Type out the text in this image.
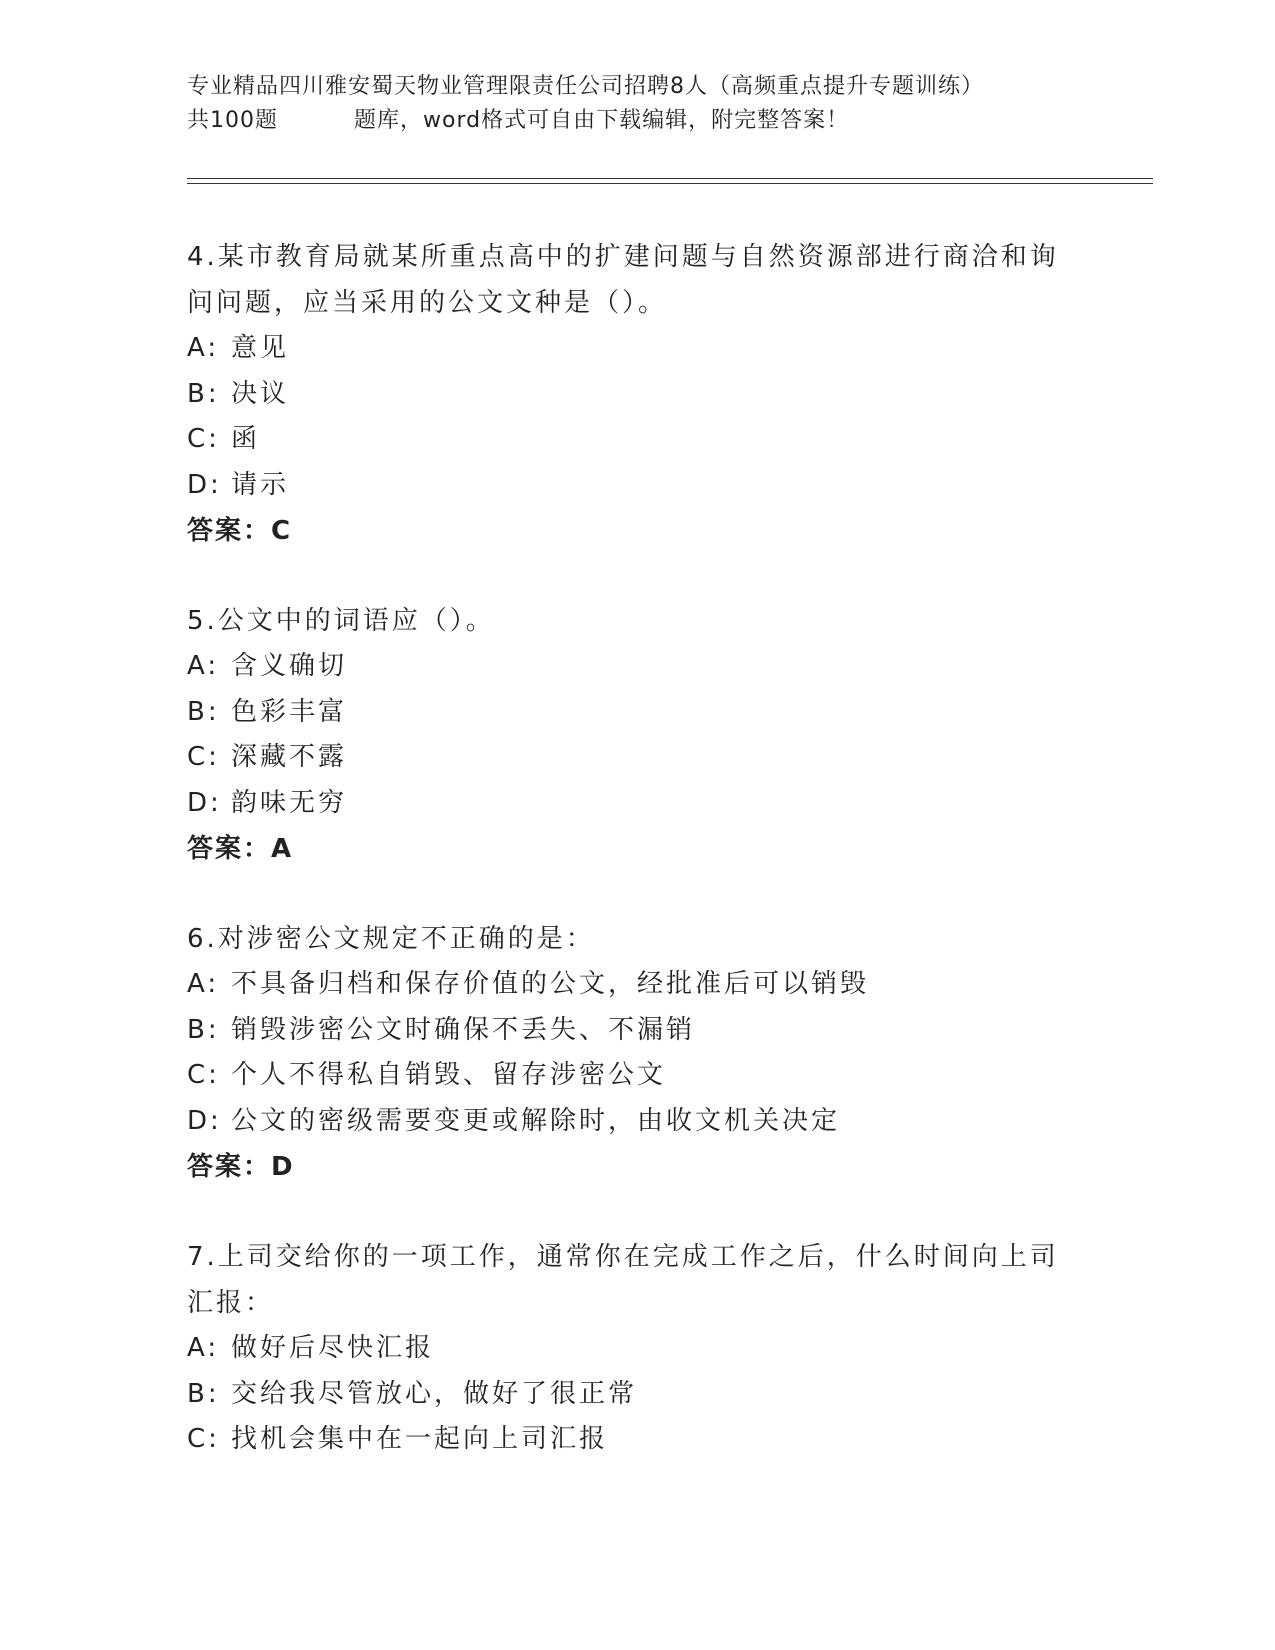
专业精品四川雅安蜀天物业管理限责任公司招聘8人（高频重点提升专题训练）
共100题	题库，word格式可自由下载编辑，附完整答案！

4.某市教育局就某所重点高中的扩建问题与自然资源部进行商洽和询问问题，应当采用的公文文种是（）。

A: 意见
B: 决议
C: 函
D: 请示
答案：C

5.公文中的词语应（）。

A: 含义确切
B: 色彩丰富
C: 深藏不露
D: 韵味无穷
答案：A

6.对涉密公文规定不正确的是：

A: 不具备归档和保存价值的公文，经批准后可以销毁
B: 销毁涉密公文时确保不丢失、不漏销
C: 个人不得私自销毁、留存涉密公文
D: 公文的密级需要变更或解除时，由收文机关决定
答案：D

7.上司交给你的一项工作，通常你在完成工作之后，什么时间向上司汇报：

A: 做好后尽快汇报
B: 交给我尽管放心，做好了很正常
C: 找机会集中在一起向上司汇报
